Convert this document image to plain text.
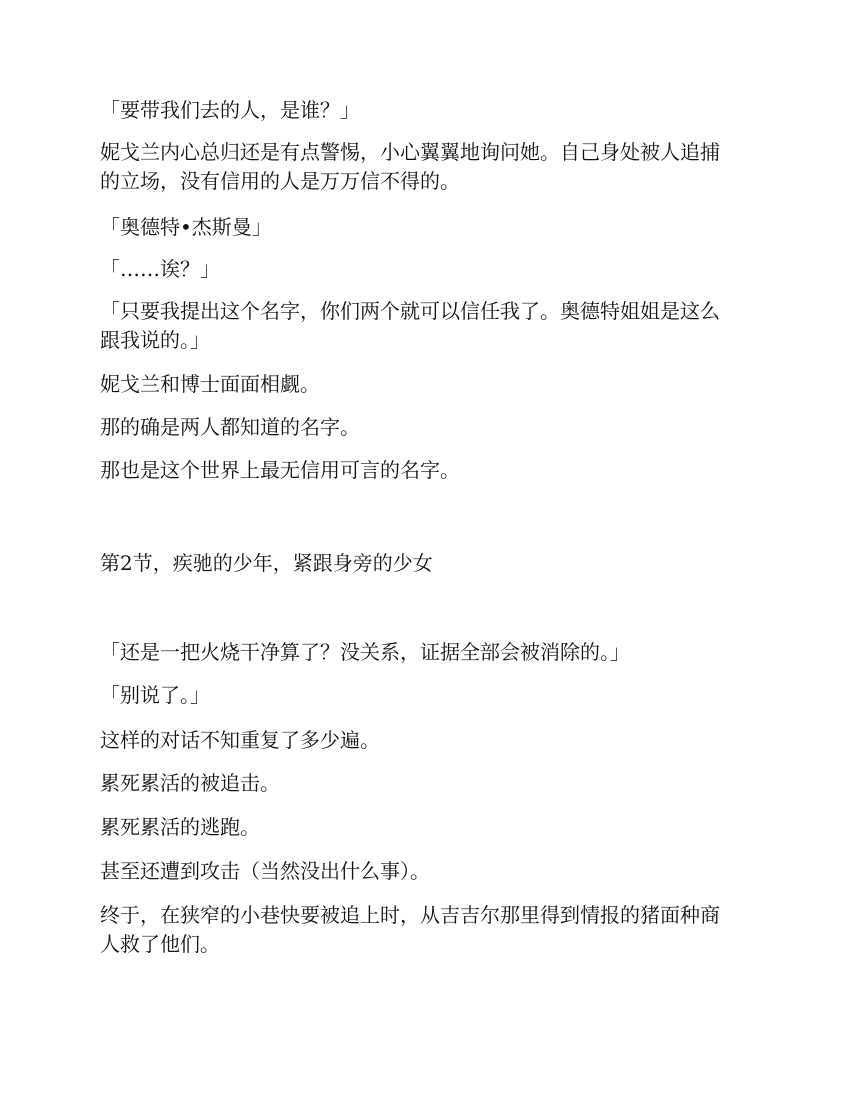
「要带我们去的人，是谁？」
妮戈兰内心总归还是有点警惕，小心翼翼地询问她。自己身处被人追捕
的立场，没有信用的人是万万信不得的。
「奥德特•杰斯曼」
「……诶？」
「只要我提出这个名字，你们两个就可以信任我了。奥德特姐姐是这么
跟我说的。」
妮戈兰和博士面面相觑。
那的确是两人都知道的名字。
那也是这个世界上最无信用可言的名字。
第2节，疾驰的少年，紧跟身旁的少女
「还是一把火烧干净算了？没关系，证据全部会被消除的。」
「别说了。」
这样的对话不知重复了多少遍。
累死累活的被追击。
累死累活的逃跑。
甚至还遭到攻击（当然没出什么事）。
终于，在狭窄的小巷快要被追上时，从吉吉尔那里得到情报的猪面种商
人救了他们。
